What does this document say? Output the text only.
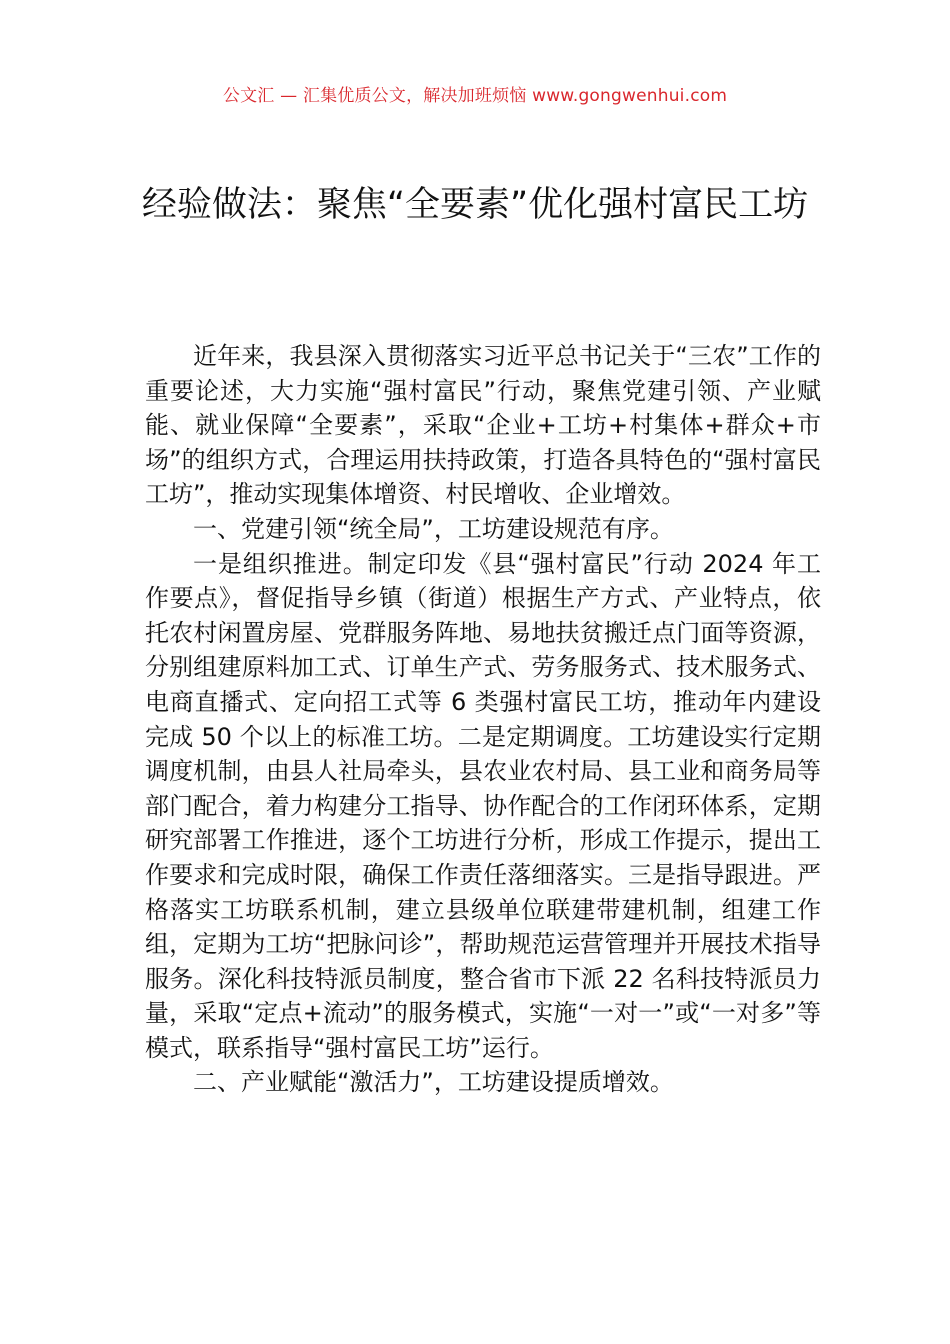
公文汇 — 汇集优质公文，解决加班烦恼 www.gongwenhui.com
经验做法：聚焦“全要素”优化强村富民工坊

近年来，我县深入贯彻落实习近平总书记关于“三农”工作的重要论述，大力实施“强村富民”行动，聚焦党建引领、产业赋能、就业保障“全要素”，采取“企业+工坊+村集体+群众+市场”的组织方式，合理运用扶持政策，打造各具特色的“强村富民工坊”，推动实现集体增资、村民增收、企业增效。

一、党建引领“统全局”，工坊建设规范有序。

一是组织推进。制定印发《县“强村富民”行动 2024 年工作要点》，督促指导乡镇（街道）根据生产方式、产业特点，依托农村闲置房屋、党群服务阵地、易地扶贫搬迁点门面等资源，分别组建原料加工式、订单生产式、劳务服务式、技术服务式、电商直播式、定向招工式等 6 类强村富民工坊，推动年内建设完成 50 个以上的标准工坊。二是定期调度。工坊建设实行定期调度机制，由县人社局牵头，县农业农村局、县工业和商务局等部门配合，着力构建分工指导、协作配合的工作闭环体系，定期研究部署工作推进，逐个工坊进行分析，形成工作提示，提出工作要求和完成时限，确保工作责任落细落实。三是指导跟进。严格落实工坊联系机制，建立县级单位联建带建机制，组建工作组，定期为工坊“把脉问诊”，帮助规范运营管理并开展技术指导服务。深化科技特派员制度，整合省市下派 22 名科技特派员力量，采取“定点+流动”的服务模式，实施“一对一”或“一对多”等模式，联系指导“强村富民工坊”运行。

二、产业赋能“激活力”，工坊建设提质增效。
